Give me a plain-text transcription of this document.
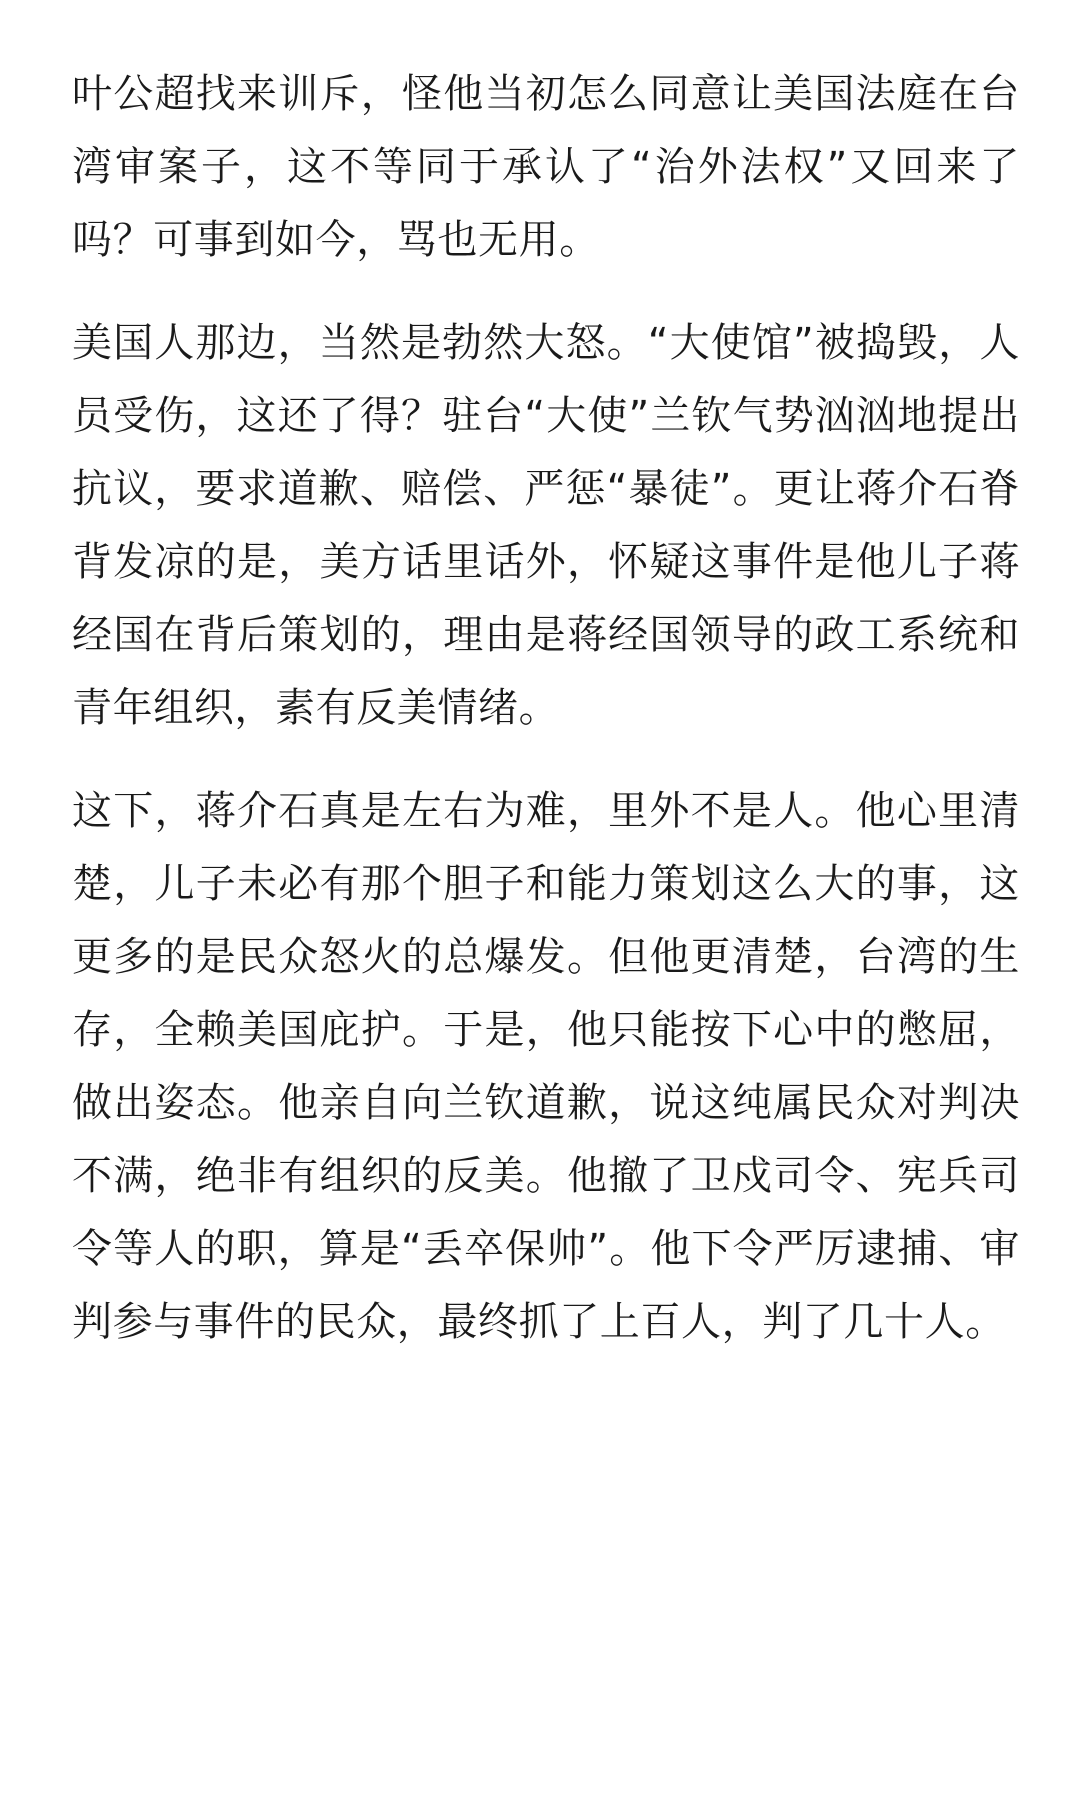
叶公超找来训斥，怪他当初怎么同意让美国法庭在台湾审案子，这不等同于承认了“治外法权”又回来了吗？可事到如今，骂也无用。

美国人那边，当然是勃然大怒。“大使馆”被捣毁，人员受伤，这还了得？驻台“大使”兰钦气势汹汹地提出抗议，要求道歉、赔偿、严惩“暴徒”。更让蒋介石脊背发凉的是，美方话里话外，怀疑这事件是他儿子蒋经国在背后策划的，理由是蒋经国领导的政工系统和青年组织，素有反美情绪。

这下，蒋介石真是左右为难，里外不是人。他心里清楚，儿子未必有那个胆子和能力策划这么大的事，这更多的是民众怒火的总爆发。但他更清楚，台湾的生存，全赖美国庇护。于是，他只能按下心中的憋屈，做出姿态。他亲自向兰钦道歉，说这纯属民众对判决不满，绝非有组织的反美。他撤了卫戍司令、宪兵司令等人的职，算是“丢卒保帅”。他下令严厉逮捕、审判参与事件的民众，最终抓了上百人，判了几十人。
